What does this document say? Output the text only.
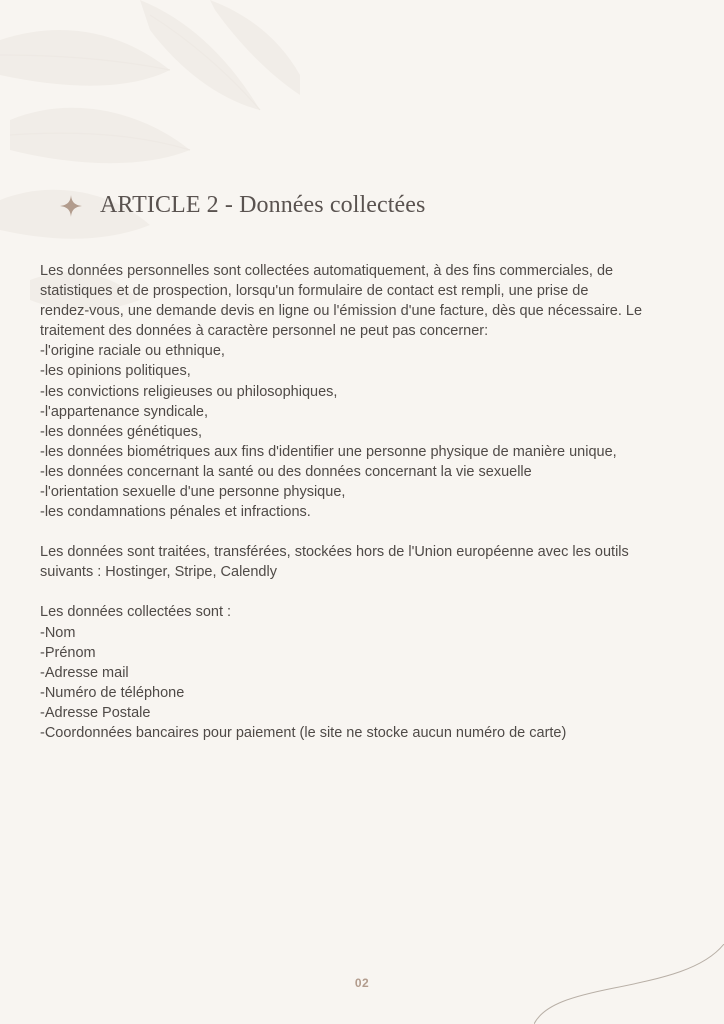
ARTICLE 2 - Données collectées
Les données personnelles sont collectées automatiquement, à des fins commerciales, de
statistiques et de prospection, lorsqu'un formulaire de contact est rempli, une prise de
rendez-vous, une demande devis en ligne ou l'émission d'une facture, dès que nécessaire. Le
traitement des données à caractère personnel ne peut pas concerner:
-l'origine raciale ou ethnique,
-les opinions politiques,
-les convictions religieuses ou philosophiques,
-l'appartenance syndicale,
-les données génétiques,
-les données biométriques aux fins d'identifier une personne physique de manière unique,
-les données concernant la santé ou des données concernant la vie sexuelle
-l'orientation sexuelle d'une personne physique,
-les condamnations pénales et infractions.
Les données sont traitées, transférées, stockées hors de l'Union européenne avec les outils
suivants : Hostinger, Stripe, Calendly
Les données collectées sont :
-Nom
-Prénom
-Adresse mail
-Numéro de téléphone
-Adresse Postale
-Coordonnées bancaires pour paiement (le site ne stocke aucun numéro de carte)
02
